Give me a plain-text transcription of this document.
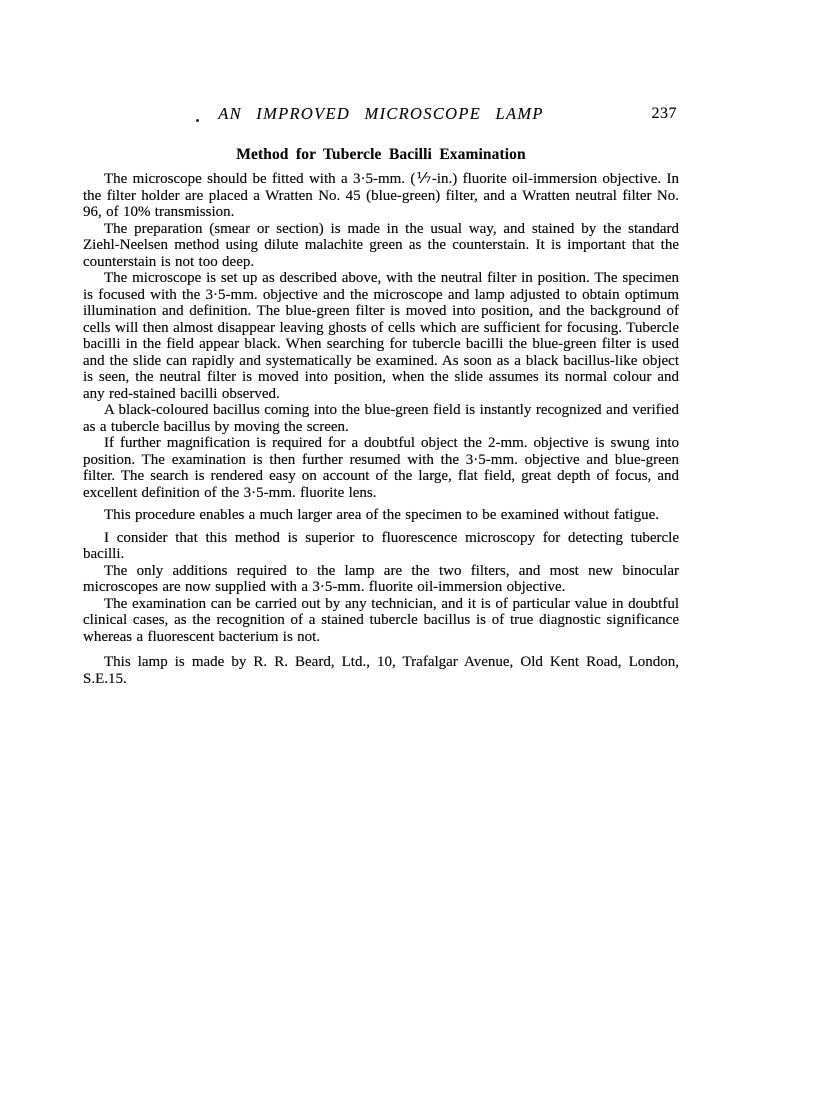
AN IMPROVED MICROSCOPE LAMP	237
Method for Tubercle Bacilli Examination

The microscope should be fitted with a 3·5-mm. (⅐-in.) fluorite oil-immersion objective. In the filter holder are placed a Wratten No. 45 (blue-green) filter, and a Wratten neutral filter No. 96, of 10% transmission.

The preparation (smear or section) is made in the usual way, and stained by the standard Ziehl-Neelsen method using dilute malachite green as the counterstain. It is important that the counterstain is not too deep.

The microscope is set up as described above, with the neutral filter in position. The specimen is focused with the 3·5-mm. objective and the microscope and lamp adjusted to obtain optimum illumination and definition. The blue-green filter is moved into position, and the background of cells will then almost disappear leaving ghosts of cells which are sufficient for focusing. Tubercle bacilli in the field appear black. When searching for tubercle bacilli the blue-green filter is used and the slide can rapidly and systematically be examined. As soon as a black bacillus-like object is seen, the neutral filter is moved into position, when the slide assumes its normal colour and any red-stained bacilli observed.

A black-coloured bacillus coming into the blue-green field is instantly recognized and verified as a tubercle bacillus by moving the screen.

If further magnification is required for a doubtful object the 2-mm. objective is swung into position. The examination is then further resumed with the 3·5-mm. objective and blue-green filter. The search is rendered easy on account of the large, flat field, great depth of focus, and excellent definition of the 3·5-mm. fluorite lens.

This procedure enables a much larger area of the specimen to be examined without fatigue.

I consider that this method is superior to fluorescence microscopy for detecting tubercle bacilli.

The only additions required to the lamp are the two filters, and most new binocular microscopes are now supplied with a 3·5-mm. fluorite oil-immersion objective.

The examination can be carried out by any technician, and it is of particular value in doubtful clinical cases, as the recognition of a stained tubercle bacillus is of true diagnostic significance whereas a fluorescent bacterium is not.

This lamp is made by R. R. Beard, Ltd., 10, Trafalgar Avenue, Old Kent Road, London, S.E.15.
